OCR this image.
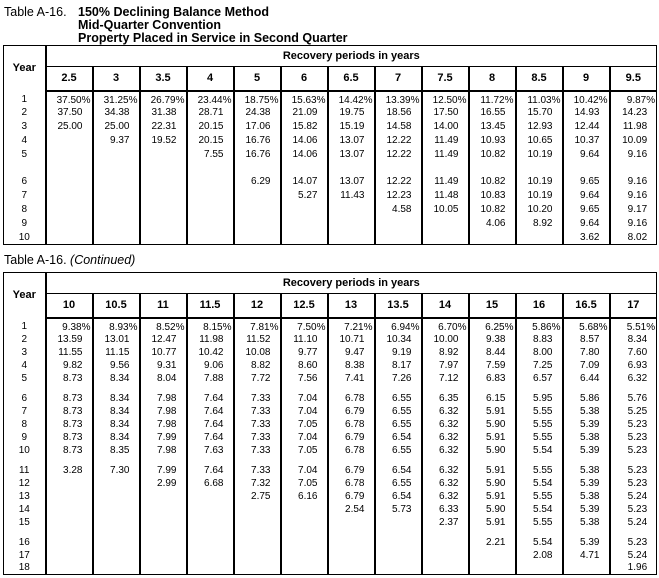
Table A-16. 150% Declining Balance Method
Mid-Quarter Convention
Property Placed in Service in Second Quarter
Year	Recovery periods in years												
	2.5	3	3.5	4	5	6	6.5	7	7.5	8	8.5	9	9.5
1	37.50%	31.25%	26.79%	23.44%	18.75%	15.63%	14.42%	13.39%	12.50%	11.72%	11.03%	10.42%	9.87%
2	37.50	34.38	31.38	28.71	24.38	21.09	19.75	18.56	17.50	16.55	15.70	14.93	14.23
3	25.00	25.00	22.31	20.15	17.06	15.82	15.19	14.58	14.00	13.45	12.93	12.44	11.98
4		9.37	19.52	20.15	16.76	14.06	13.07	12.22	11.49	10.93	10.65	10.37	10.09
5				7.55	16.76	14.06	13.07	12.22	11.49	10.82	10.19	9.64	9.16

6					6.29	14.07	13.07	12.22	11.49	10.82	10.19	9.65	9.16
7						5.27	11.43	12.23	11.48	10.83	10.19	9.64	9.16
8								4.58	10.05	10.82	10.20	9.65	9.17
9										4.06	8.92	9.64	9.16
10												3.62	8.02
Table A-16. (Continued)
Year	Recovery periods in years												
	10	10.5	11	11.5	12	12.5	13	13.5	14	15	16	16.5	17
1	9.38%	8.93%	8.52%	8.15%	7.81%	7.50%	7.21%	6.94%	6.70%	6.25%	5.86%	5.68%	5.51%
2	13.59	13.01	12.47	11.98	11.52	11.10	10.71	10.34	10.00	9.38	8.83	8.57	8.34
3	11.55	11.15	10.77	10.42	10.08	9.77	9.47	9.19	8.92	8.44	8.00	7.80	7.60
4	9.82	9.56	9.31	9.06	8.82	8.60	8.38	8.17	7.97	7.59	7.25	7.09	6.93
5	8.73	8.34	8.04	7.88	7.72	7.56	7.41	7.26	7.12	6.83	6.57	6.44	6.32

6	8.73	8.34	7.98	7.64	7.33	7.04	6.78	6.55	6.35	6.15	5.95	5.86	5.76
7	8.73	8.34	7.98	7.64	7.33	7.04	6.79	6.55	6.32	5.91	5.55	5.38	5.25
8	8.73	8.34	7.98	7.64	7.33	7.05	6.78	6.55	6.32	5.90	5.55	5.39	5.23
9	8.73	8.34	7.99	7.64	7.33	7.04	6.79	6.54	6.32	5.91	5.55	5.38	5.23
10	8.73	8.35	7.98	7.63	7.33	7.05	6.78	6.55	6.32	5.90	5.54	5.39	5.23

11	3.28	7.30	7.99	7.64	7.33	7.04	6.79	6.54	6.32	5.91	5.55	5.38	5.23
12			2.99	6.68	7.32	7.05	6.78	6.55	6.32	5.90	5.54	5.39	5.23
13					2.75	6.16	6.79	6.54	6.32	5.91	5.55	5.38	5.24
14							2.54	5.73	6.33	5.90	5.54	5.39	5.23
15									2.37	5.91	5.55	5.38	5.24

16										2.21	5.54	5.39	5.23
17											2.08	4.71	5.24
18													1.96
